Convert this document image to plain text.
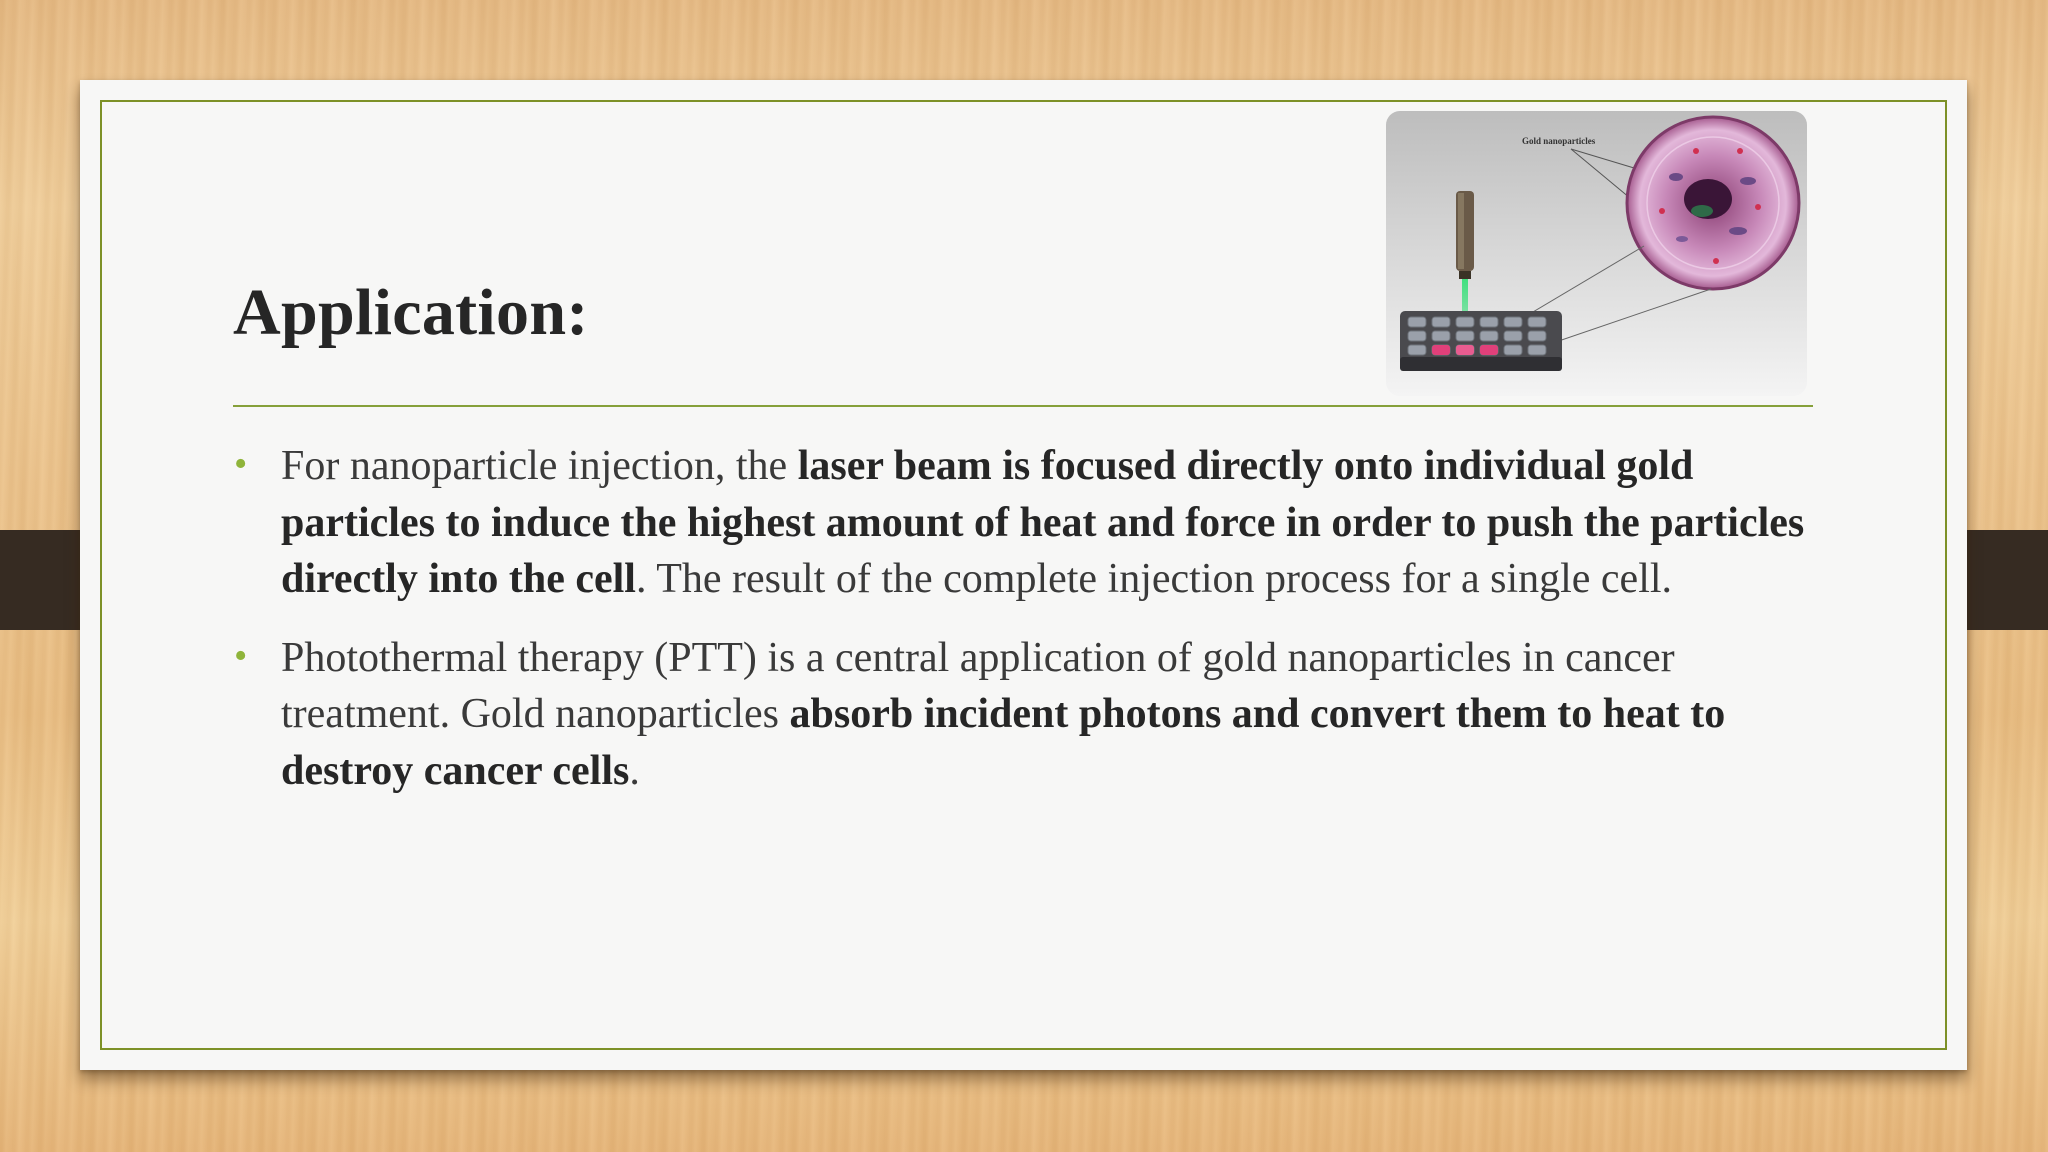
Application:
Gold nanoparticles
• For nanoparticle injection, the laser beam is focused directly onto individual gold particles to induce the highest amount of heat and force in order to push the particles directly into the cell. The result of the complete injection process for a single cell.
• Photothermal therapy (PTT) is a central application of gold nanoparticles in cancer treatment. Gold nanoparticles absorb incident photons and convert them to heat to destroy cancer cells.
